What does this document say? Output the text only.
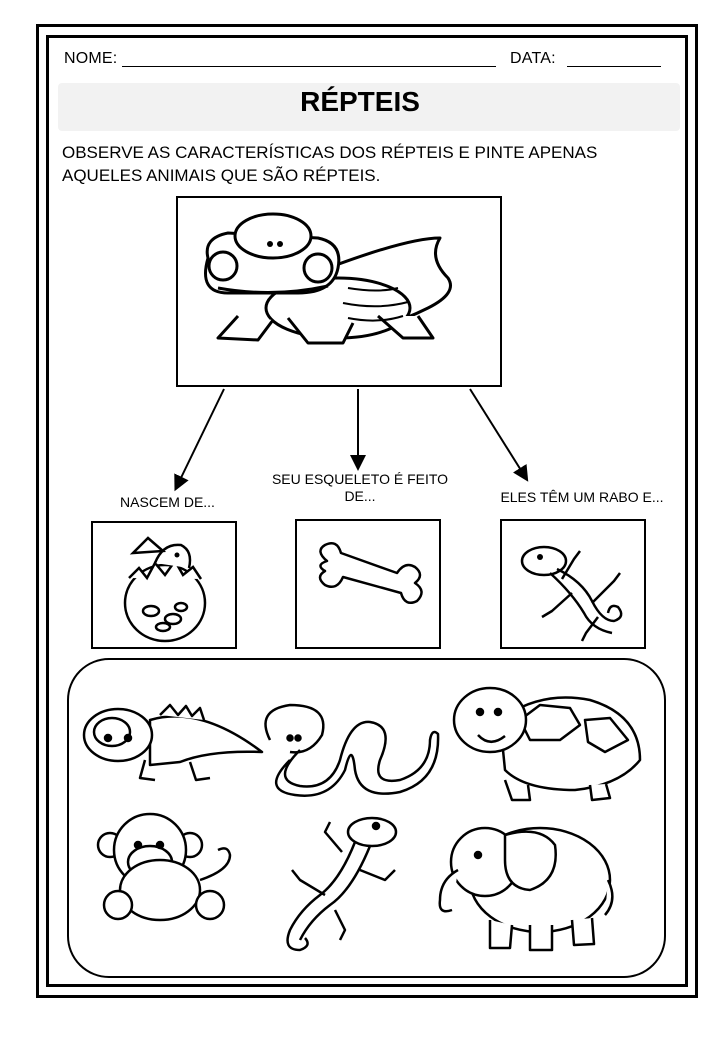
NOME:	DATA:
RÉPTEIS
OBSERVE AS CARACTERÍSTICAS DOS RÉPTEIS E PINTE APENAS AQUELES ANIMAIS QUE SÃO RÉPTEIS.
NASCEM DE...
SEU ESQUELETO É FEITO DE...	ELES TÊM UM RABO E...
